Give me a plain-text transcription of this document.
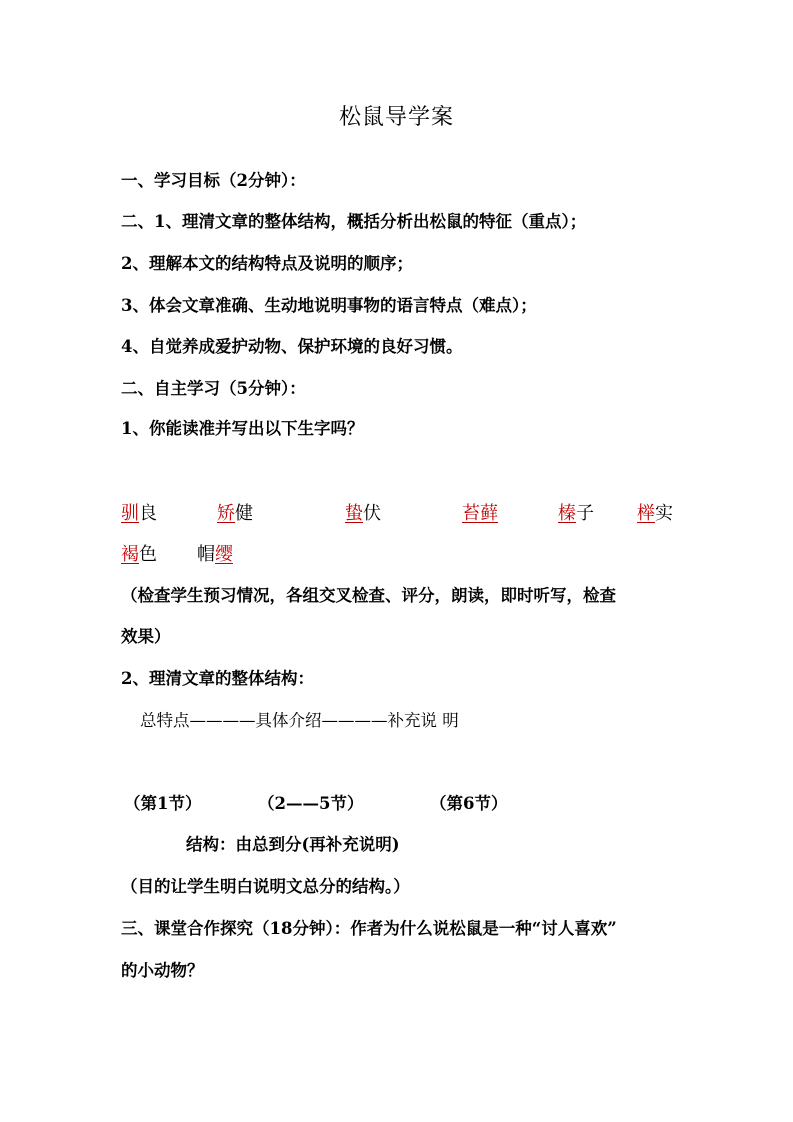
松鼠导学案
一、学习目标（2分钟）：
二、1、理清文章的整体结构，概括分析出松鼠的特征（重点）；
2、理解本文的结构特点及说明的顺序；
3、体会文章准确、生动地说明事物的语言特点（难点）；
4、自觉养成爱护动物、保护环境的良好习惯。
二、自主学习（5分钟）：
1、你能读准并写出以下生字吗？
驯良	矫健	蛰伏	苔藓	榛子 榉实
褐色 帽缨
（检查学生预习情况，各组交叉检查、评分，朗读，即时听写，检查
效果）
2、理清文章的整体结构：
总特点————具体介绍————补充说 明
（第1节）	（2——5节）	（第6节）
结构：由总到分(再补充说明)
（目的让学生明白说明文总分的结构。）
三、课堂合作探究（18分钟）：作者为什么说松鼠是一种“讨人喜欢”
的小动物？
